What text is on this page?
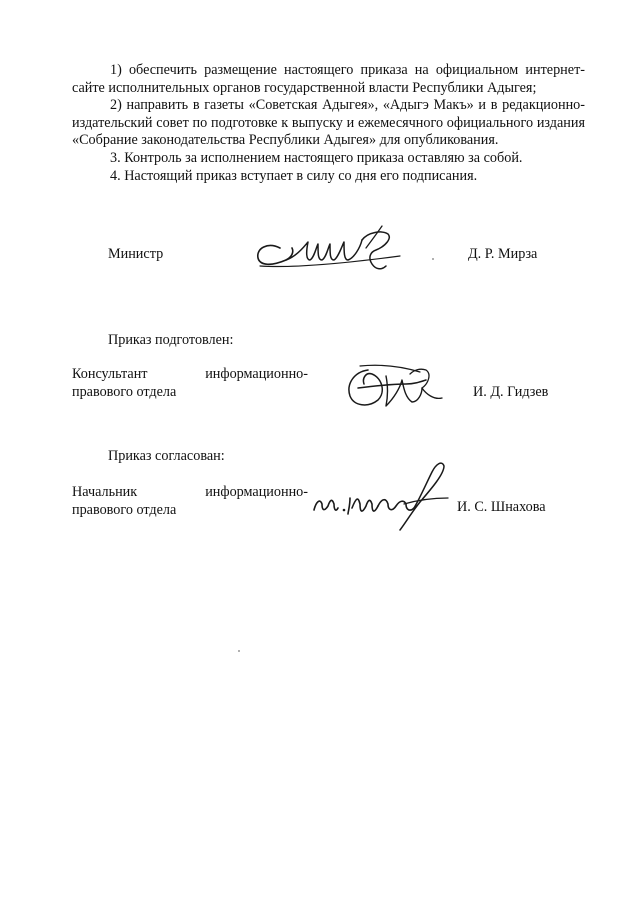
1) обеспечить размещение настоящего приказа на официальном интернет-сайте исполнительных органов государственной власти Республики Адыгея;

2) направить в газеты «Советская Адыгея», «Адыгэ Макъ» и в редакционно-издательский совет по подготовке к выпуску и ежемесячного официального издания «Собрание законодательства Республики Адыгея» для опубликования.

3. Контроль за исполнением настоящего приказа оставляю за собой.

4. Настоящий приказ вступает в силу со дня его подписания.

Министр	Д. Р. Мирза
Приказ подготовлен:
Консультант	информационно-
правового отдела	И. Д. Гидзев
Приказ согласован:
Начальник	информационно-
правового отдела	И. С. Шнахова
